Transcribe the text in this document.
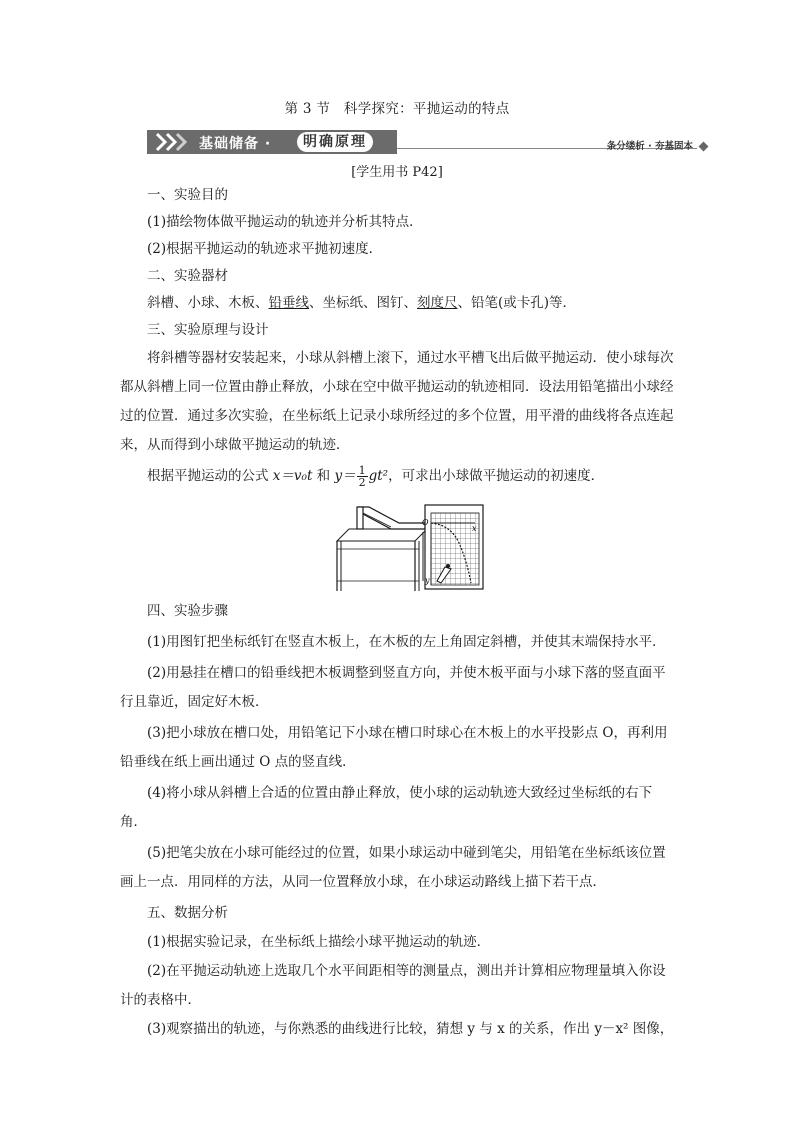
第 3 节　科学探究：平抛运动的特点
基础储备 ·	明确原理	条分缕析 · 夯基固本
[学生用书 P42]

一、实验目的

(1)描绘物体做平抛运动的轨迹并分析其特点．

(2)根据平抛运动的轨迹求平抛初速度．

二、实验器材

斜槽、小球、木板、铅垂线、坐标纸、图钉、刻度尺、铅笔(或卡孔)等．

三、实验原理与设计

将斜槽等器材安装起来，小球从斜槽上滚下，通过水平槽飞出后做平抛运动．使小球每次都从斜槽上同一位置由静止释放，小球在空中做平抛运动的轨迹相同．设法用铅笔描出小球经过的位置．通过多次实验，在坐标纸上记录小球所经过的多个位置，用平滑的曲线将各点连起来，从而得到小球做平抛运动的轨迹．

根据平抛运动的公式 x＝v₀t 和 $y= \frac{1}{2} gt^2$，可求出小球做平抛运动的初速度．
O
x
y

四、实验步骤

(1)用图钉把坐标纸钉在竖直木板上，在木板的左上角固定斜槽，并使其末端保持水平．

(2)用悬挂在槽口的铅垂线把木板调整到竖直方向，并使木板平面与小球下落的竖直面平行且靠近，固定好木板．

(3)把小球放在槽口处，用铅笔记下小球在槽口时球心在木板上的水平投影点 O，再利用铅垂线在纸上画出通过 O 点的竖直线．

(4)将小球从斜槽上合适的位置由静止释放，使小球的运动轨迹大致经过坐标纸的右下角．

(5)把笔尖放在小球可能经过的位置，如果小球运动中碰到笔尖，用铅笔在坐标纸该位置画上一点．用同样的方法，从同一位置释放小球，在小球运动路线上描下若干点．

五、数据分析

(1)根据实验记录，在坐标纸上描绘小球平抛运动的轨迹．

(2)在平抛运动轨迹上选取几个水平间距相等的测量点，测出并计算相应物理量填入你设计的表格中．

(3)观察描出的轨迹，与你熟悉的曲线进行比较，猜想 y 与 x 的关系，作出 y－x² 图像，
